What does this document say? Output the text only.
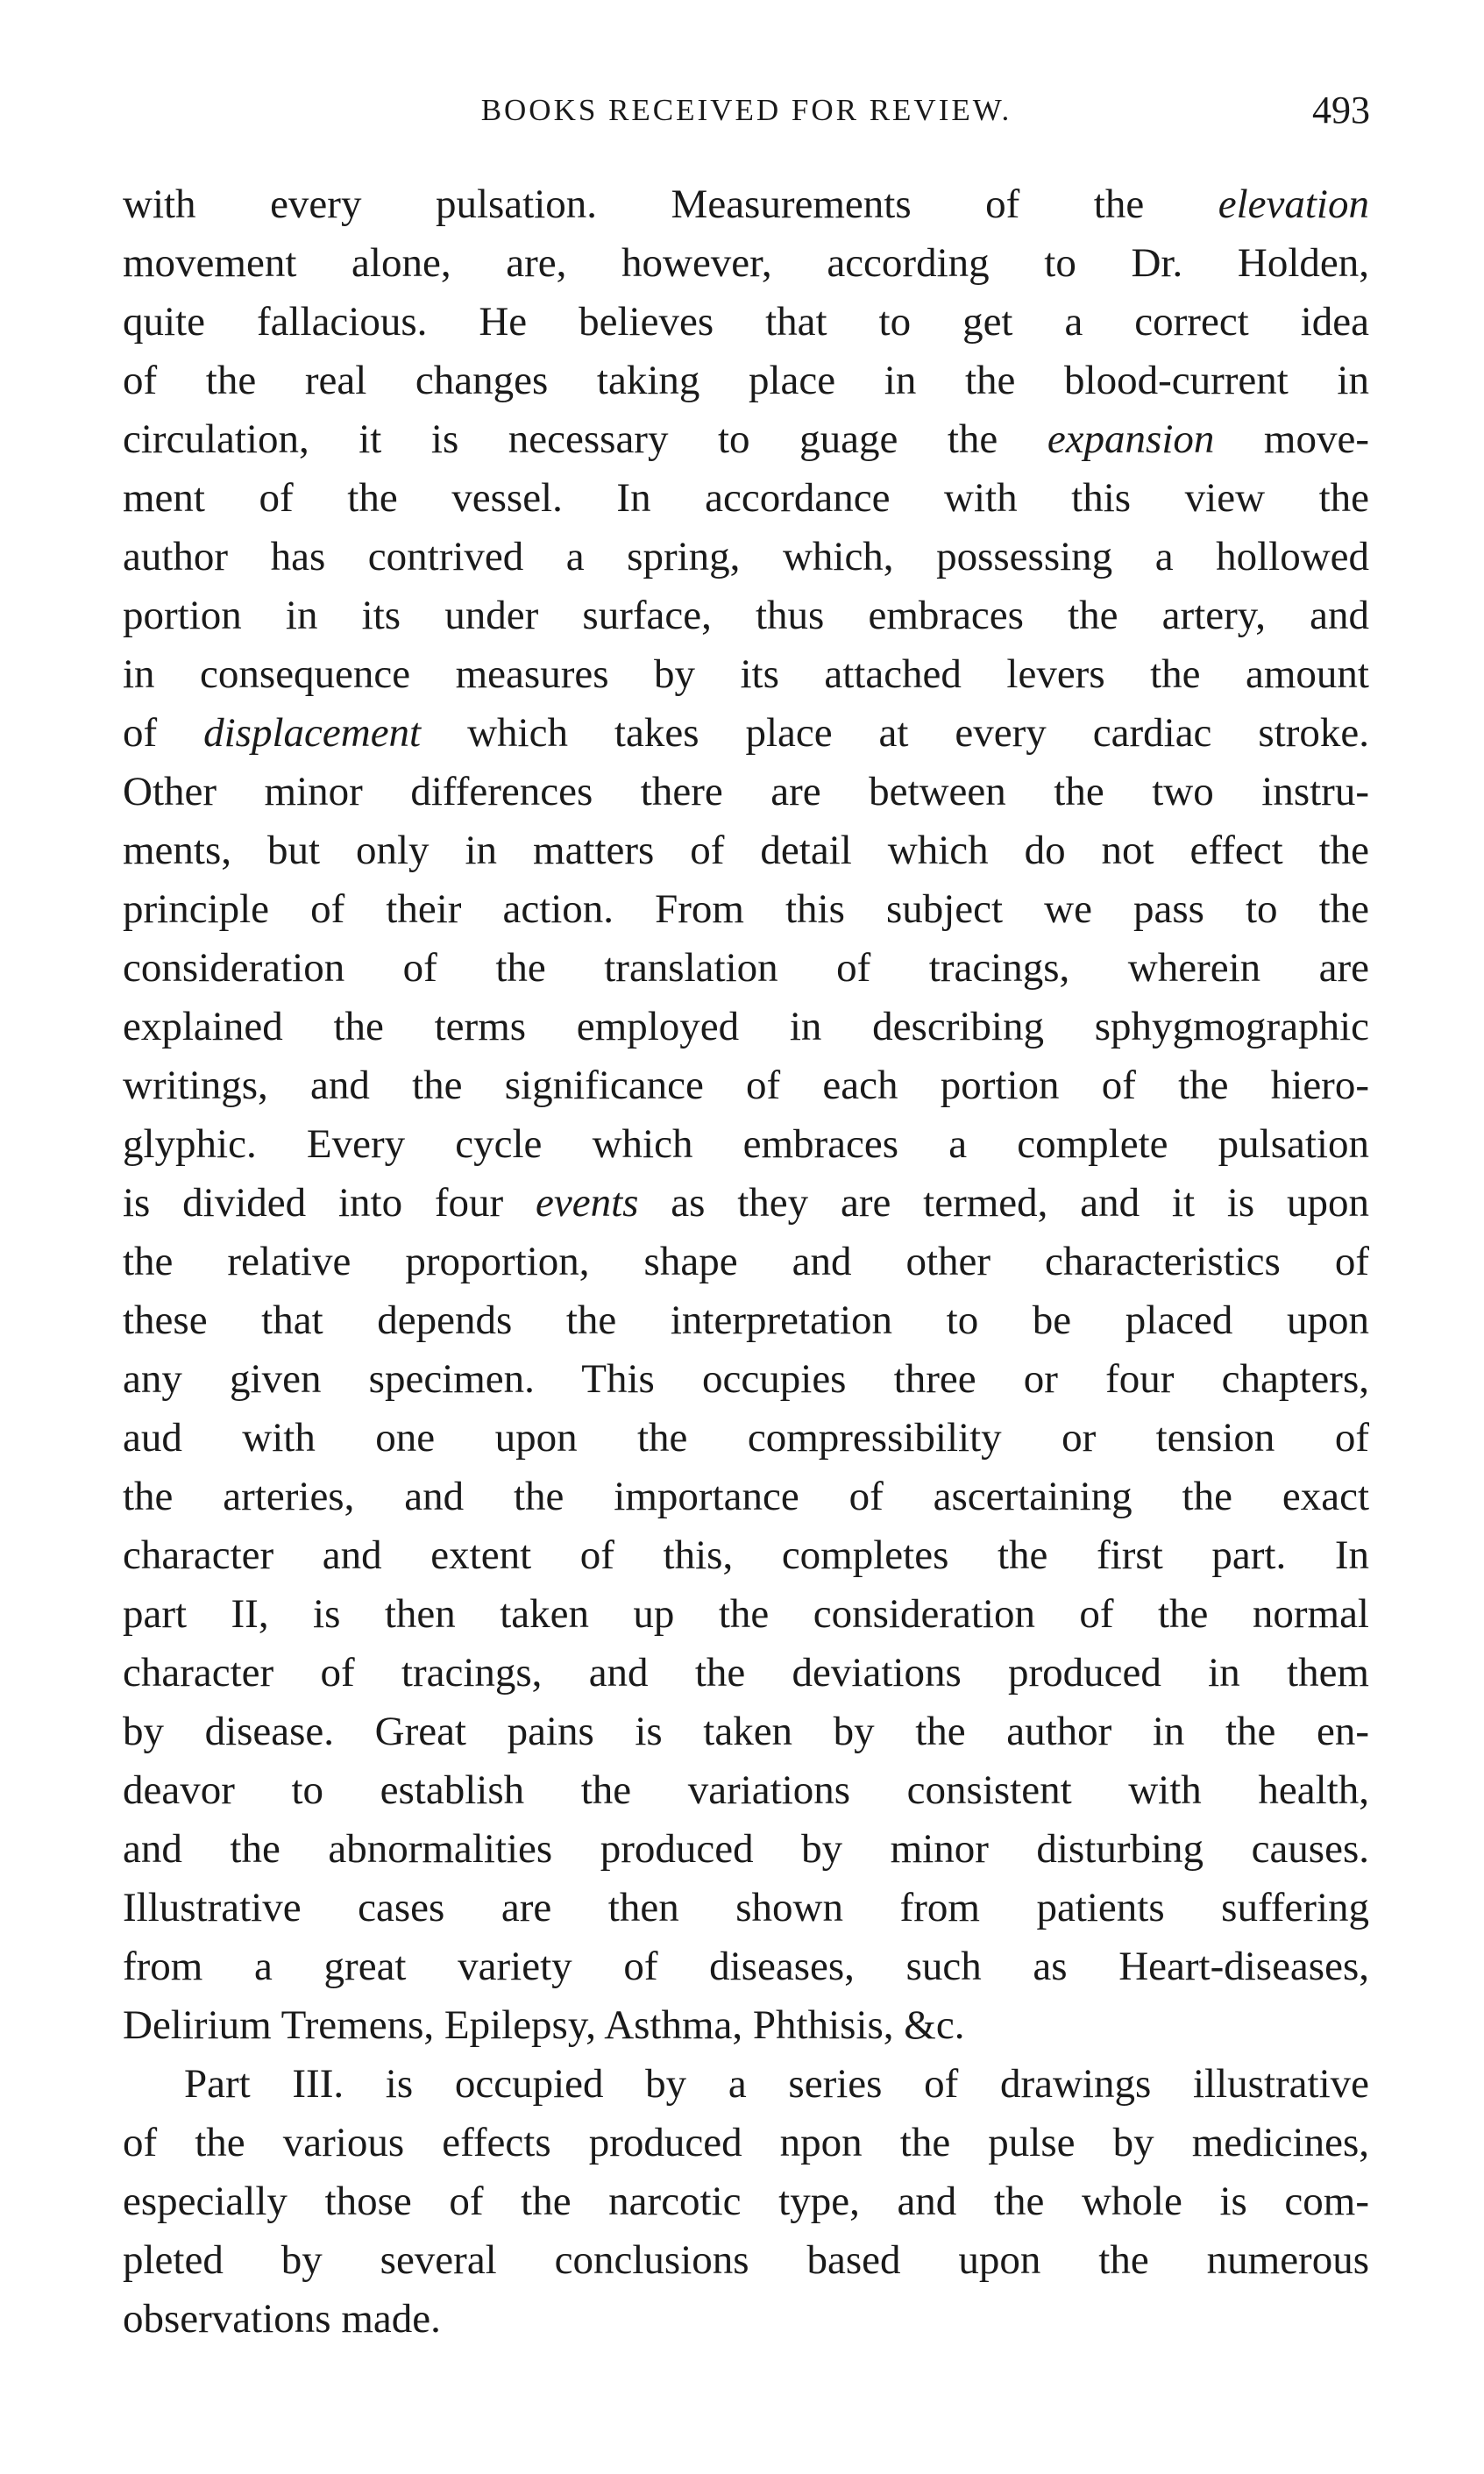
BOOKS RECEIVED FOR REVIEW.	493
with every pulsation. Measurements of the elevation
movement alone, are, however, according to Dr. Holden,
quite fallacious. He believes that to get a correct idea
of the real changes taking place in the blood-current in
circulation, it is necessary to guage the expansion move-
ment of the vessel. In accordance with this view the
author has contrived a spring, which, possessing a hollowed
portion in its under surface, thus embraces the artery, and
in consequence measures by its attached levers the amount
of displacement which takes place at every cardiac stroke.
Other minor differences there are between the two instru-
ments, but only in matters of detail which do not effect the
principle of their action. From this subject we pass to the
consideration of the translation of tracings, wherein are
explained the terms employed in describing sphygmographic
writings, and the significance of each portion of the hiero-
glyphic. Every cycle which embraces a complete pulsation
is divided into four events as they are termed, and it is upon
the relative proportion, shape and other characteristics of
these that depends the interpretation to be placed upon
any given specimen. This occupies three or four chapters,
aud with one upon the compressibility or tension of
the arteries, and the importance of ascertaining the exact
character and extent of this, completes the first part. In
part II, is then taken up the consideration of the normal
character of tracings, and the deviations produced in them
by disease. Great pains is taken by the author in the en-
deavor to establish the variations consistent with health,
and the abnormalities produced by minor disturbing causes.
Illustrative cases are then shown from patients suffering
from a great variety of diseases, such as Heart-diseases,
Delirium Tremens, Epilepsy, Asthma, Phthisis, &c.
Part III. is occupied by a series of drawings illustrative
of the various effects produced npon the pulse by medicines,
especially those of the narcotic type, and the whole is com-
pleted by several conclusions based upon the numerous
observations made.
